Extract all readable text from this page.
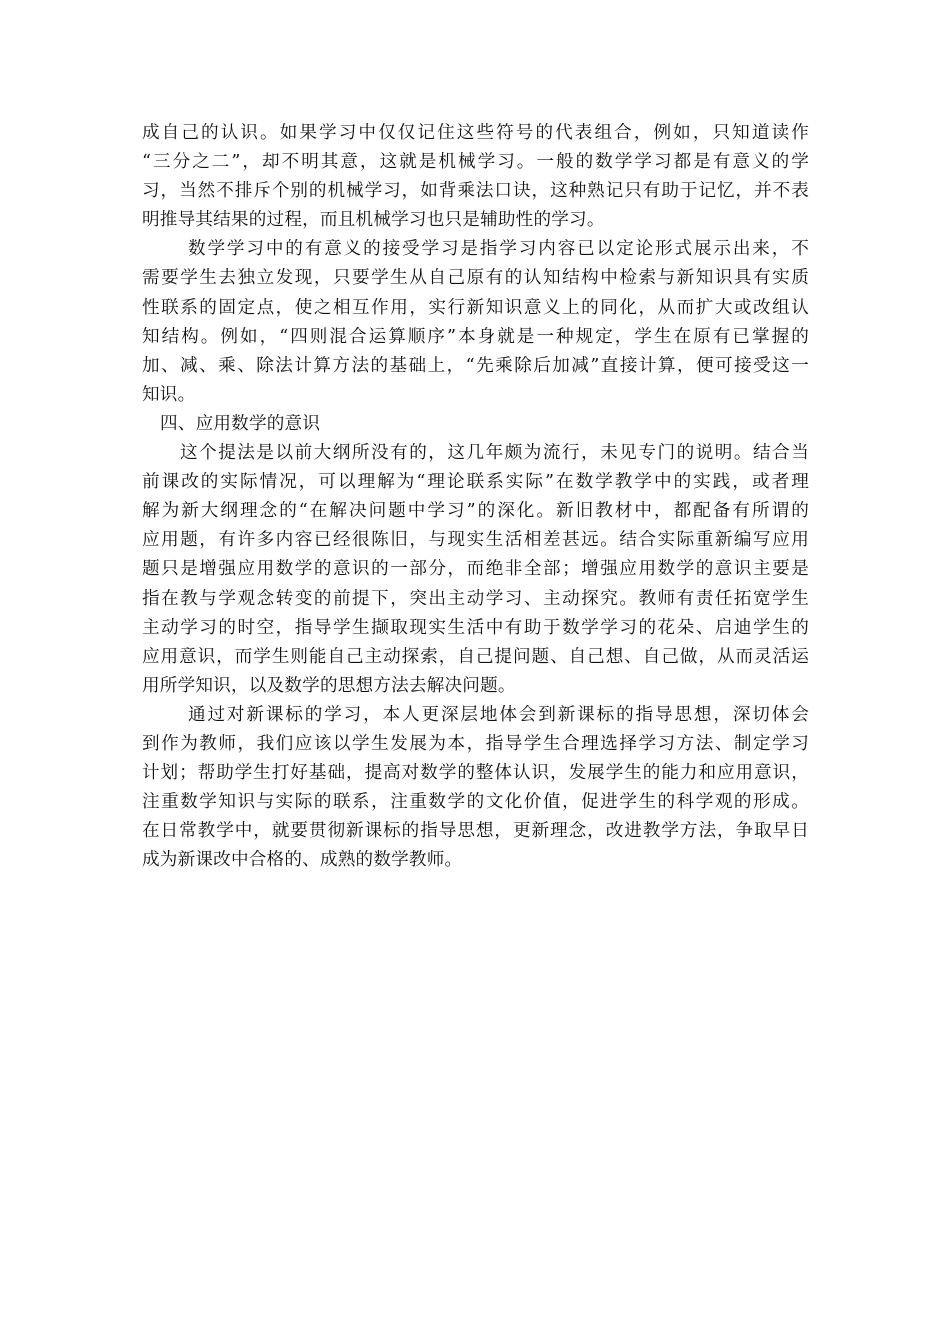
成自己的认识。如果学习中仅仅记住这些符号的代表组合，例如，只知道读作
“三分之二”，却不明其意，这就是机械学习。一般的数学学习都是有意义的学
习，当然不排斥个别的机械学习，如背乘法口诀，这种熟记只有助于记忆，并不表
明推导其结果的过程，而且机械学习也只是辅助性的学习。
数学学习中的有意义的接受学习是指学习内容已以定论形式展示出来，不
需要学生去独立发现，只要学生从自己原有的认知结构中检索与新知识具有实质
性联系的固定点，使之相互作用，实行新知识意义上的同化，从而扩大或改组认
知结构。例如，“四则混合运算顺序”本身就是一种规定，学生在原有已掌握的
加、减、乘、除法计算方法的基础上，“先乘除后加减”直接计算，便可接受这一
知识。
四、应用数学的意识
这个提法是以前大纲所没有的，这几年颇为流行，未见专门的说明。结合当
前课改的实际情况，可以理解为“理论联系实际”在数学教学中的实践，或者理
解为新大纲理念的“在解决问题中学习”的深化。新旧教材中，都配备有所谓的
应用题，有许多内容已经很陈旧，与现实生活相差甚远。结合实际重新编写应用
题只是增强应用数学的意识的一部分，而绝非全部；增强应用数学的意识主要是
指在教与学观念转变的前提下，突出主动学习、主动探究。教师有责任拓宽学生
主动学习的时空，指导学生撷取现实生活中有助于数学学习的花朵、启迪学生的
应用意识，而学生则能自己主动探索，自己提问题、自己想、自己做，从而灵活运
用所学知识，以及数学的思想方法去解决问题。
通过对新课标的学习，本人更深层地体会到新课标的指导思想，深切体会
到作为教师，我们应该以学生发展为本，指导学生合理选择学习方法、制定学习
计划；帮助学生打好基础，提高对数学的整体认识，发展学生的能力和应用意识，
注重数学知识与实际的联系，注重数学的文化价值，促进学生的科学观的形成。
在日常教学中，就要贯彻新课标的指导思想，更新理念，改进教学方法，争取早日
成为新课改中合格的、成熟的数学教师。
